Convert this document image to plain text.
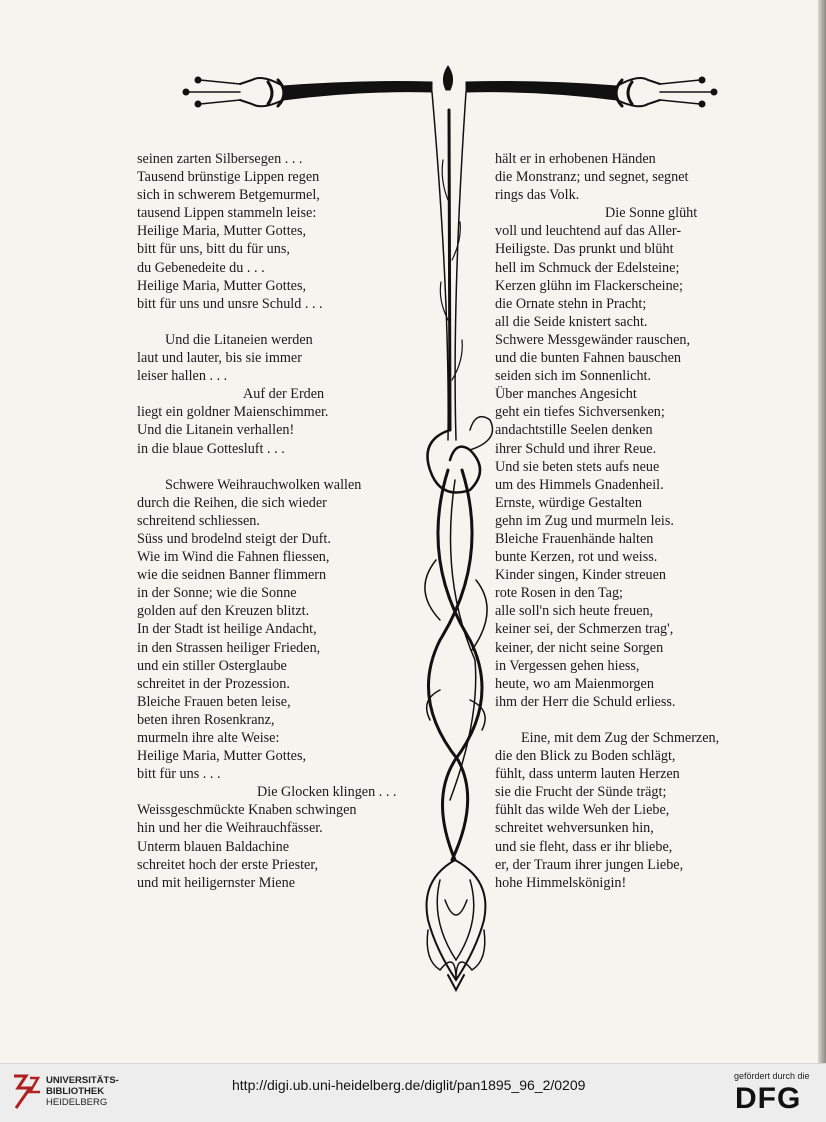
seinen zarten Silbersegen . . .
Tausend brünstige Lippen regen
sich in schwerem Betgemurmel,
tausend Lippen stammeln leise:
Heilige Maria, Mutter Gottes,
bitt für uns, bitt du für uns,
du Gebenedeite du . . .
Heilige Maria, Mutter Gottes,
bitt für uns und unsre Schuld . . .
Und die Litaneien werden
laut und lauter, bis sie immer
leiser hallen . . .
Auf der Erden
liegt ein goldner Maienschimmer.
Und die Litanein verhallen!
in die blaue Gottesluft . . .
Schwere Weihrauchwolken wallen
durch die Reihen, die sich wieder
schreitend schliessen.
Süss und brodelnd steigt der Duft.
Wie im Wind die Fahnen fliessen,
wie die seidnen Banner flimmern
in der Sonne; wie die Sonne
golden auf den Kreuzen blitzt.
In der Stadt ist heilige Andacht,
in den Strassen heiliger Frieden,
und ein stiller Osterglaube
schreitet in der Prozession.
Bleiche Frauen beten leise,
beten ihren Rosenkranz,
murmeln ihre alte Weise:
Heilige Maria, Mutter Gottes,
bitt für uns . . .
Die Glocken klingen . . .
Weissgeschmückte Knaben schwingen
hin und her die Weihrauchfässer.
Unterm blauen Baldachine
schreitet hoch der erste Priester,
und mit heiligernster Miene
hält er in erhobenen Händen
die Monstranz; und segnet, segnet
rings das Volk.
Die Sonne glüht
voll und leuchtend auf das Aller-
Heiligste. Das prunkt und blüht
hell im Schmuck der Edelsteine;
Kerzen glühn im Flackerscheine;
die Ornate stehn in Pracht;
all die Seide knistert sacht.
Schwere Messgewänder rauschen,
und die bunten Fahnen bauschen
seiden sich im Sonnenlicht.
Über manches Angesicht
geht ein tiefes Sichversenken;
andachtstille Seelen denken
ihrer Schuld und ihrer Reue.
Und sie beten stets aufs neue
um des Himmels Gnadenheil.
Ernste, würdige Gestalten
gehn im Zug und murmeln leis.
Bleiche Frauenhände halten
bunte Kerzen, rot und weiss.
Kinder singen, Kinder streuen
rote Rosen in den Tag;
alle soll'n sich heute freuen,
keiner sei, der Schmerzen trag',
keiner, der nicht seine Sorgen
in Vergessen gehen hiess,
heute, wo am Maienmorgen
ihm der Herr die Schuld erliess.
Eine, mit dem Zug der Schmerzen,
die den Blick zu Boden schlägt,
fühlt, dass unterm lauten Herzen
sie die Frucht der Sünde trägt;
fühlt das wilde Weh der Liebe,
schreitet wehversunken hin,
und sie fleht, dass er ihr bliebe,
er, der Traum ihrer jungen Liebe,
hohe Himmelskönigin!
UNIVERSITÄTS-
BIBLIOTHEK
HEIDELBERG
http://digi.ub.uni-heidelberg.de/diglit/pan1895_96_2/0209
gefördert durch die
DFG
